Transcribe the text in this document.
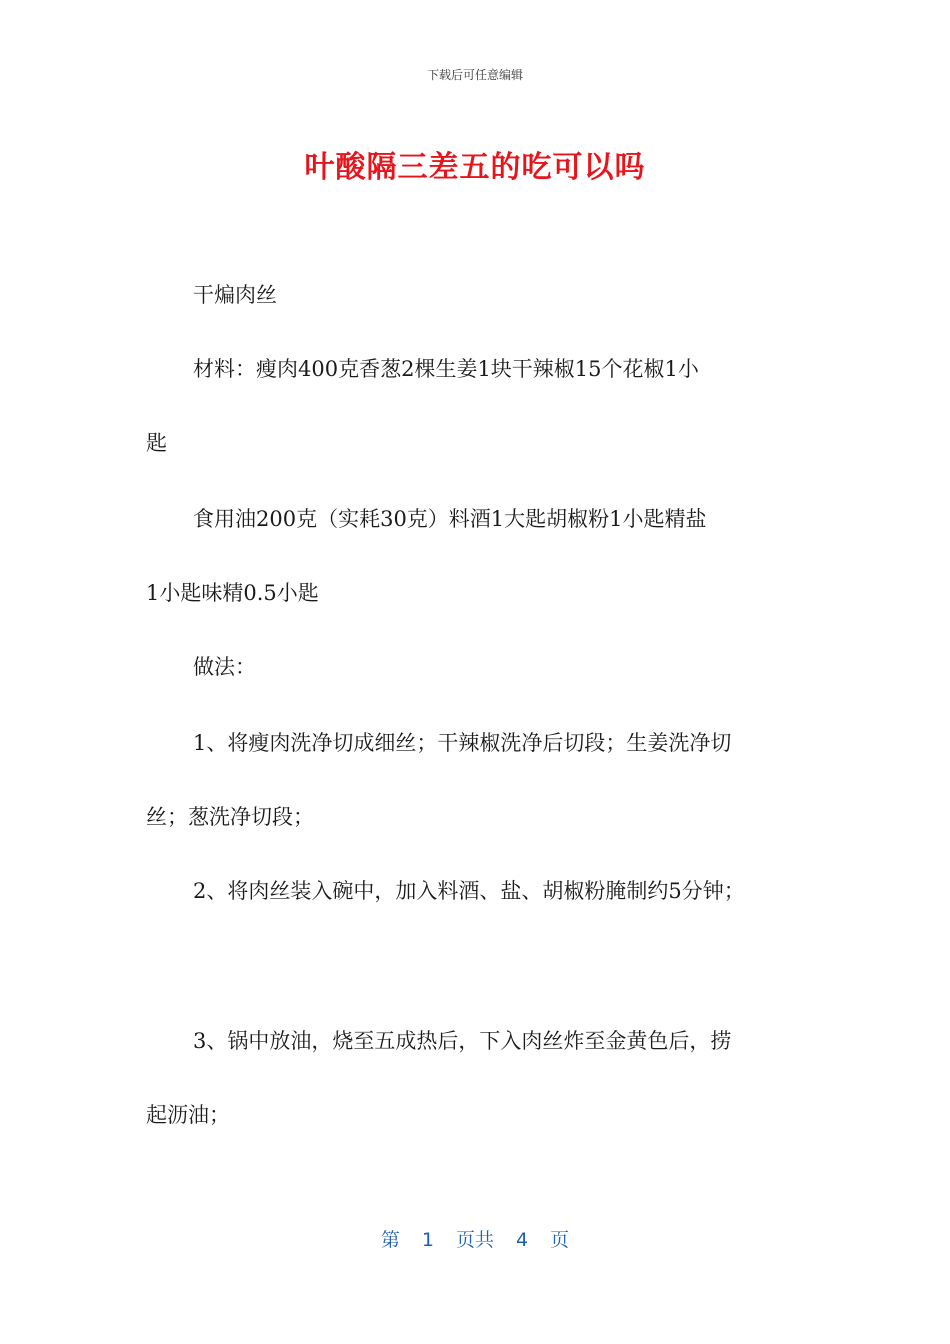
下载后可任意编辑
叶酸隔三差五的吃可以吗
干煸肉丝
材料：瘦肉400克香葱2棵生姜1块干辣椒15个花椒1小
匙
食用油200克（实耗30克）料酒1大匙胡椒粉1小匙精盐
1小匙味精0.5小匙
做法：
1、将瘦肉洗净切成细丝；干辣椒洗净后切段；生姜洗净切
丝；葱洗净切段；
2、将肉丝装入碗中，加入料酒、盐、胡椒粉腌制约5分钟；
3、锅中放油，烧至五成热后，下入肉丝炸至金黄色后，捞
起沥油；
第 1 页共 4 页
